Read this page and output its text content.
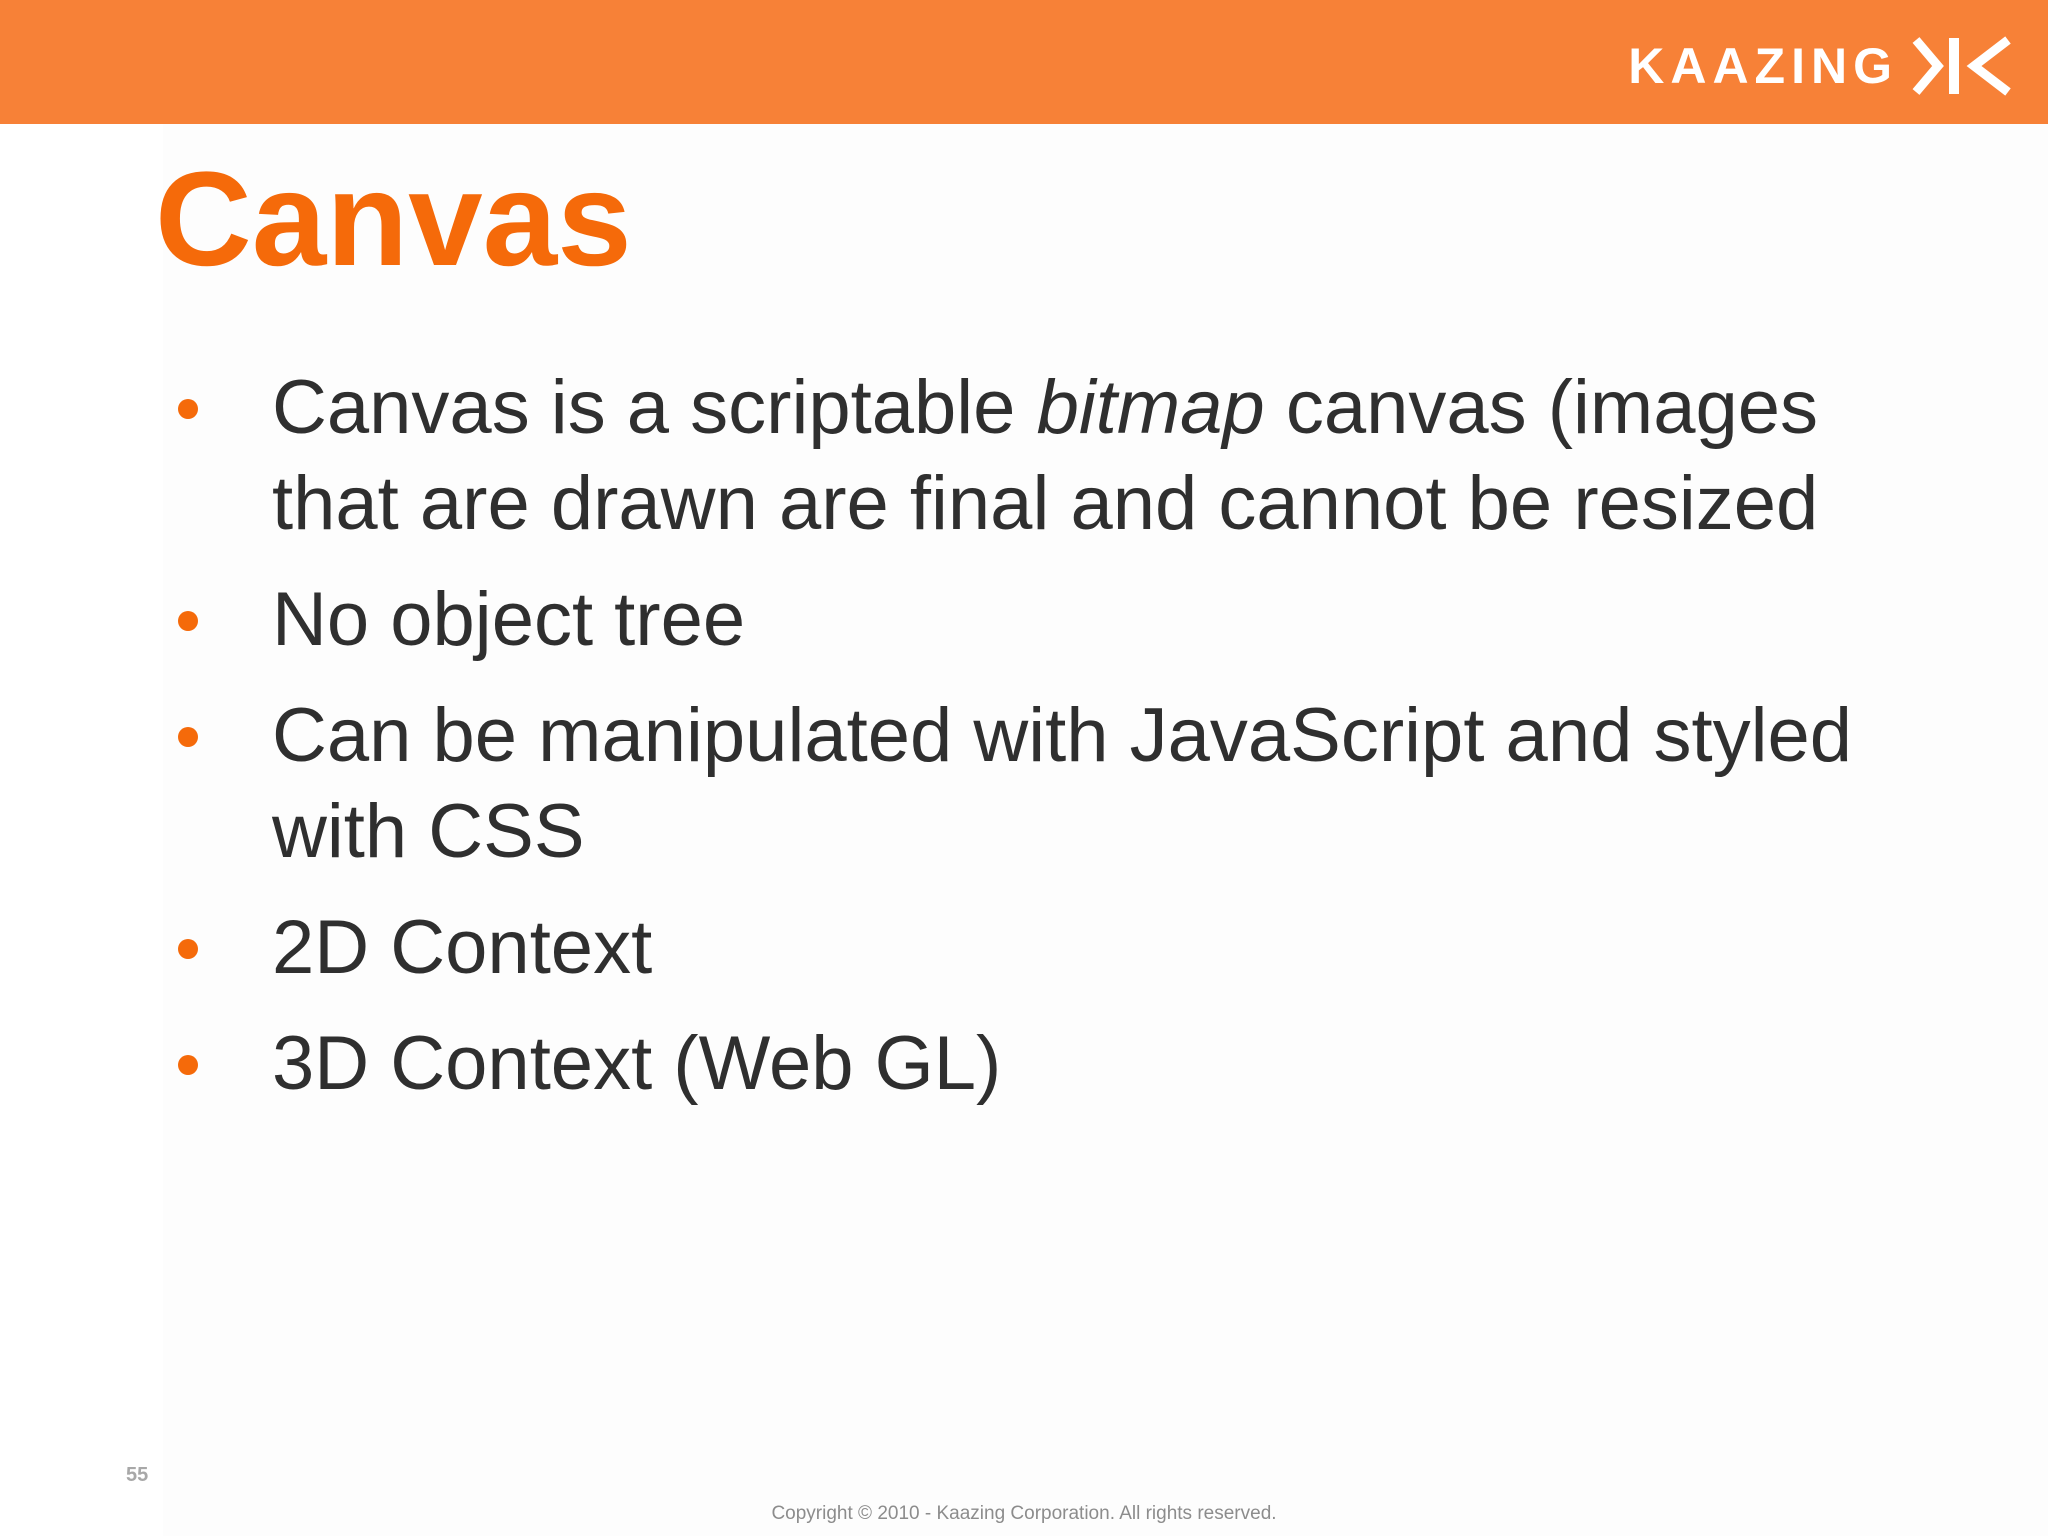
KAAZING
Canvas
Canvas is a scriptable bitmap canvas (images that are drawn are final and cannot be resized
No object tree
Can be manipulated with JavaScript and styled with CSS
2D Context
3D Context (Web GL)
55
Copyright © 2010 - Kaazing Corporation. All rights reserved.
